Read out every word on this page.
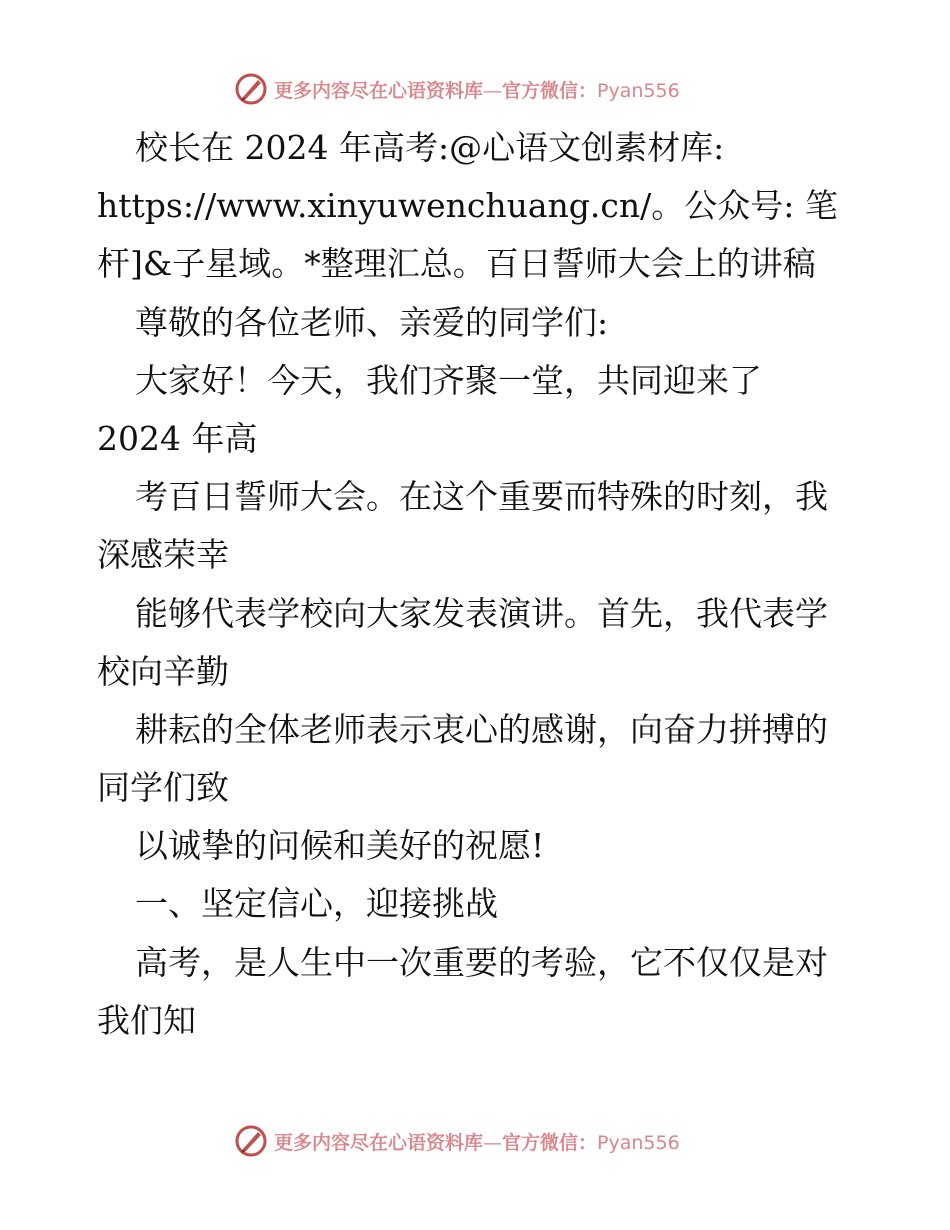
更多内容尽在心语资料库—官方微信：Pyan556
校长在 2024 年高考:@心语文创素材库:
https://www.xinyuwenchuang.cn/。公众号: 笔
杆]&子星域。*整理汇总。百日誓师大会上的讲稿
尊敬的各位老师、亲爱的同学们:
大家好！今天，我们齐聚一堂，共同迎来了
2024 年高
考百日誓师大会。在这个重要而特殊的时刻，我
深感荣幸
能够代表学校向大家发表演讲。首先，我代表学
校向辛勤
耕耘的全体老师表示衷心的感谢，向奋力拼搏的
同学们致
以诚挚的问候和美好的祝愿!
一、坚定信心，迎接挑战
高考，是人生中一次重要的考验，它不仅仅是对
我们知
更多内容尽在心语资料库—官方微信：Pyan556
